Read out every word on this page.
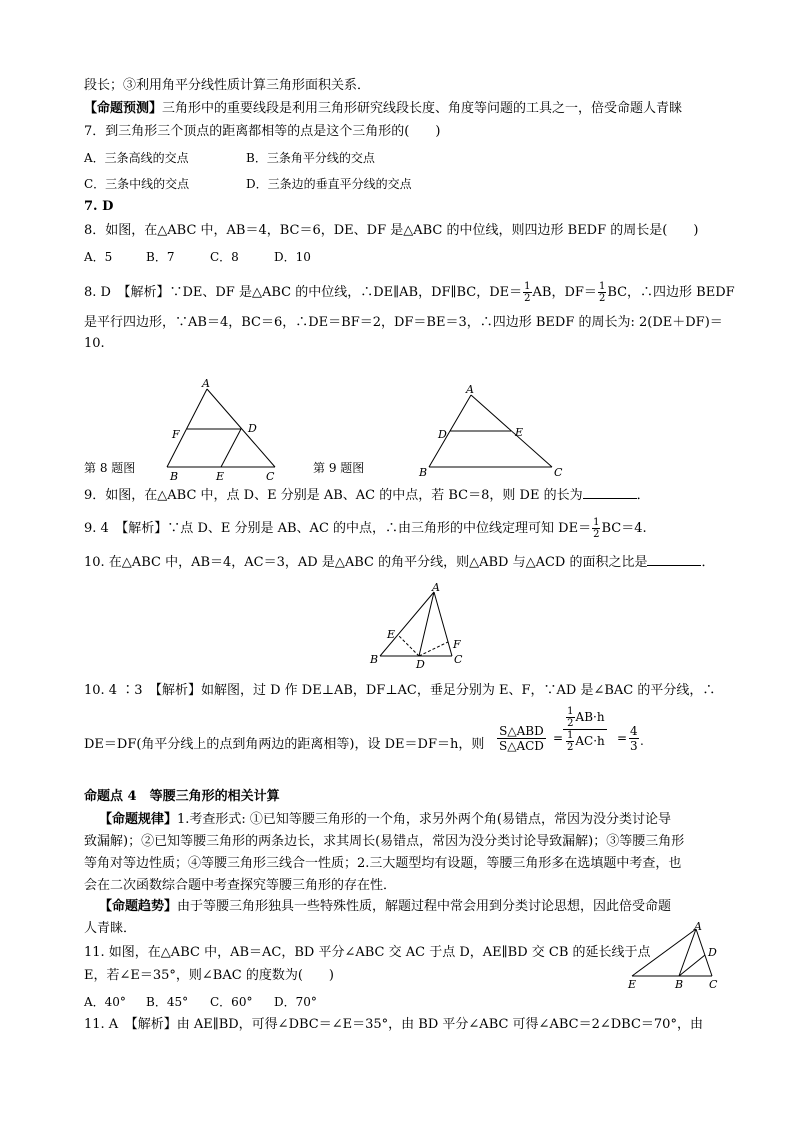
段长；③利用角平分线性质计算三角形面积关系．
【命题预测】三角形中的重要线段是利用三角形研究线段长度、角度等问题的工具之一，倍受命题人青睐
7．到三角形三个顶点的距离都相等的点是这个三角形的(　　)
A．三条高线的交点	B．三条角平分线的交点
C．三条中线的交点	D．三条边的垂直平分线的交点
7. D
8．如图，在△ABC 中，AB＝4，BC＝6，DE、DF 是△ABC 的中位线，则四边形 BEDF 的周长是(　　)
A．5	B．7	C．8	D．10
8. D　【解析】∵DE、DF 是△ABC 的中位线，∴DE∥AB，DF∥BC，$DE= \frac{1}{2}$ AB，$DF= \frac{1}{2}$ BC，∴四边形 BEDF
是平行四边形，∵AB＝4，BC＝6，∴DE＝BF＝2，DF＝BE＝3，∴四边形 BEDF 的周长为: 2(DE＋DF)＝
10.
A
F	D
B	E	C
A
D	E
B	C
第 8 题图	第 9 题图
9．如图，在△ABC 中，点 D、E 分别是 AB、AC 的中点，若 BC＝8，则 DE 的长为	．
9. 4　【解析】∵点 D、E 分别是 AB、AC 的中点，∴由三角形的中位线定理可知 $DE= \frac{1}{2} BC=4$.
10. 在△ABC 中，AB＝4，AC＝3，AD 是△ABC 的角平分线，则△ABD 与△ACD 的面积之比是	．
A
E
F
B	D	C
10. 4 ∶3　【解析】如解图，过 D 作 DE⊥AB，DF⊥AC，垂足分别为 E、F，∵AD 是∠BAC 的平分线，∴
DE＝DF(角平分线上的点到角两边的距离相等)，设 DE＝DF＝h，则
S△ABD
S△ACD $\frac{\frac{1}{2} AB\cdot h}{\frac{1}{2} AC\cdot h}$
=	= $\frac{4}{3}$ .
命题点 4　等腰三角形的相关计算
【命题规律】1.考查形式: ①已知等腰三角形的一个角，求另外两个角(易错点，常因为没分类讨论导
致漏解)；②已知等腰三角形的两条边长，求其周长(易错点，常因为没分类讨论导致漏解)；③等腰三角形
等角对等边性质；④等腰三角形三线合一性质；2.三大题型均有设题，等腰三角形多在选填题中考查，也
会在二次函数综合题中考查探究等腰三角形的存在性．
【命题趋势】由于等腰三角形独具一些特殊性质，解题过程中常会用到分类讨论思想，因此倍受命题
人青睐．
11. 如图，在△ABC 中，AB＝AC，BD 平分∠ABC 交 AC 于点 D，AE∥BD 交 CB 的延长线于点
E，若∠E＝35°，则∠BAC 的度数为(　　)
A．40° B．45° C．60° D．70°
A
D
E	B C
11. A　【解析】由 AE∥BD，可得∠DBC＝∠E＝35°，由 BD 平分∠ABC 可得∠ABC＝2∠DBC＝70°，由
